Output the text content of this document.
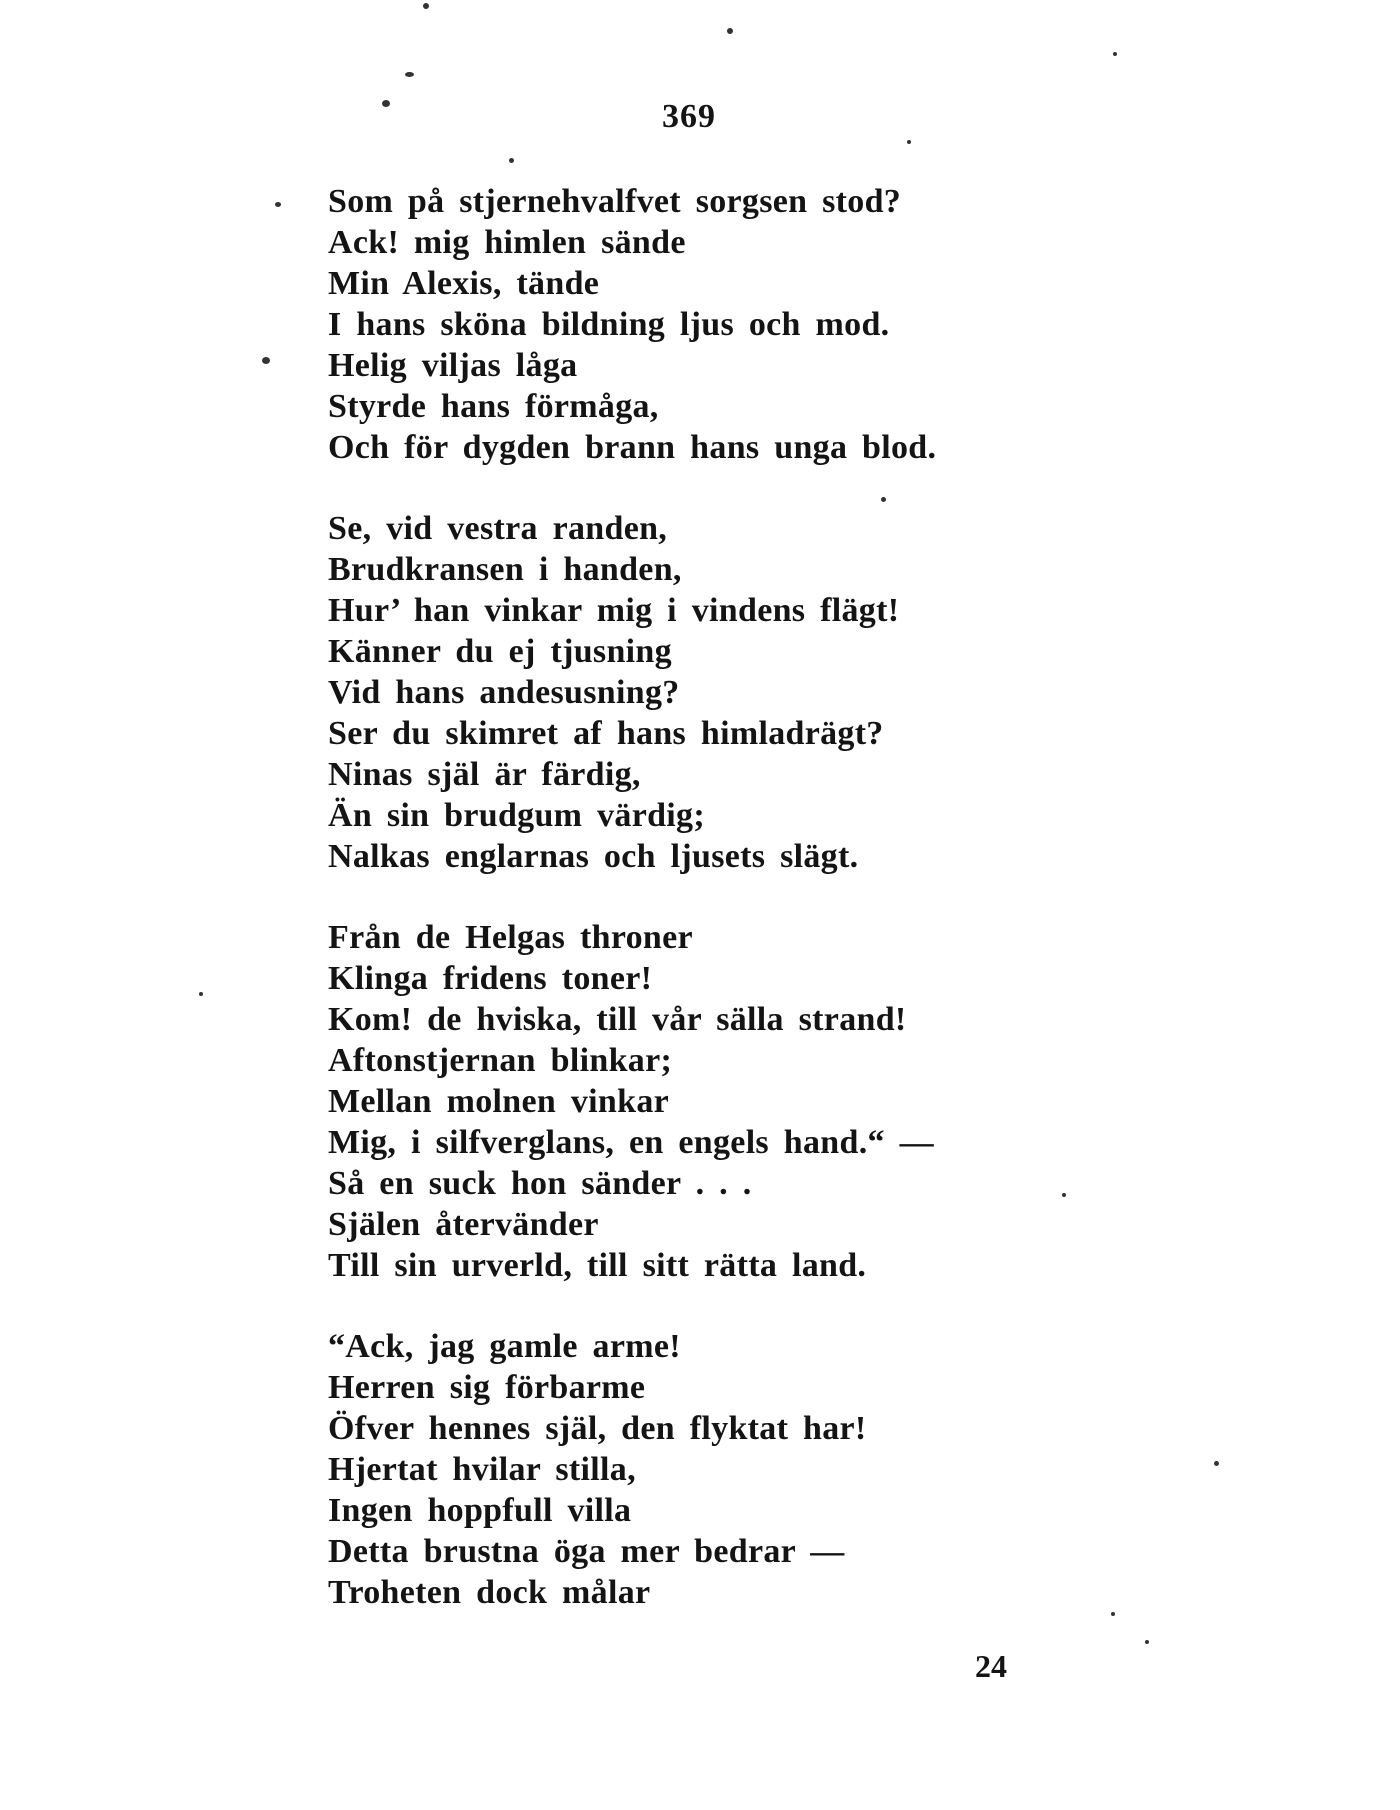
369
Som på stjernehvalfvet sorgsen stod?
Ack! mig himlen sände
Min Alexis, tände
I hans sköna bildning ljus och mod.
Helig viljas låga
Styrde hans förmåga,
Och för dygden brann hans unga blod.
Se, vid vestra randen,
Brudkransen i handen,
Hur’ han vinkar mig i vindens flägt!
Känner du ej tjusning
Vid hans andesusning?
Ser du skimret af hans himladrägt?
Ninas själ är färdig,
Än sin brudgum värdig;
Nalkas englarnas och ljusets slägt.
Från de Helgas throner
Klinga fridens toner!
Kom! de hviska, till vår sälla strand!
Aftonstjernan blinkar;
Mellan molnen vinkar
Mig, i silfverglans, en engels hand.“ —
Så en suck hon sänder . . .
Själen återvänder
Till sin urverld, till sitt rätta land.
“Ack, jag gamle arme!
Herren sig förbarme
Öfver hennes själ, den flyktat har!
Hjertat hvilar stilla,
Ingen hoppfull villa
Detta brustna öga mer bedrar —
Troheten dock målar
24
